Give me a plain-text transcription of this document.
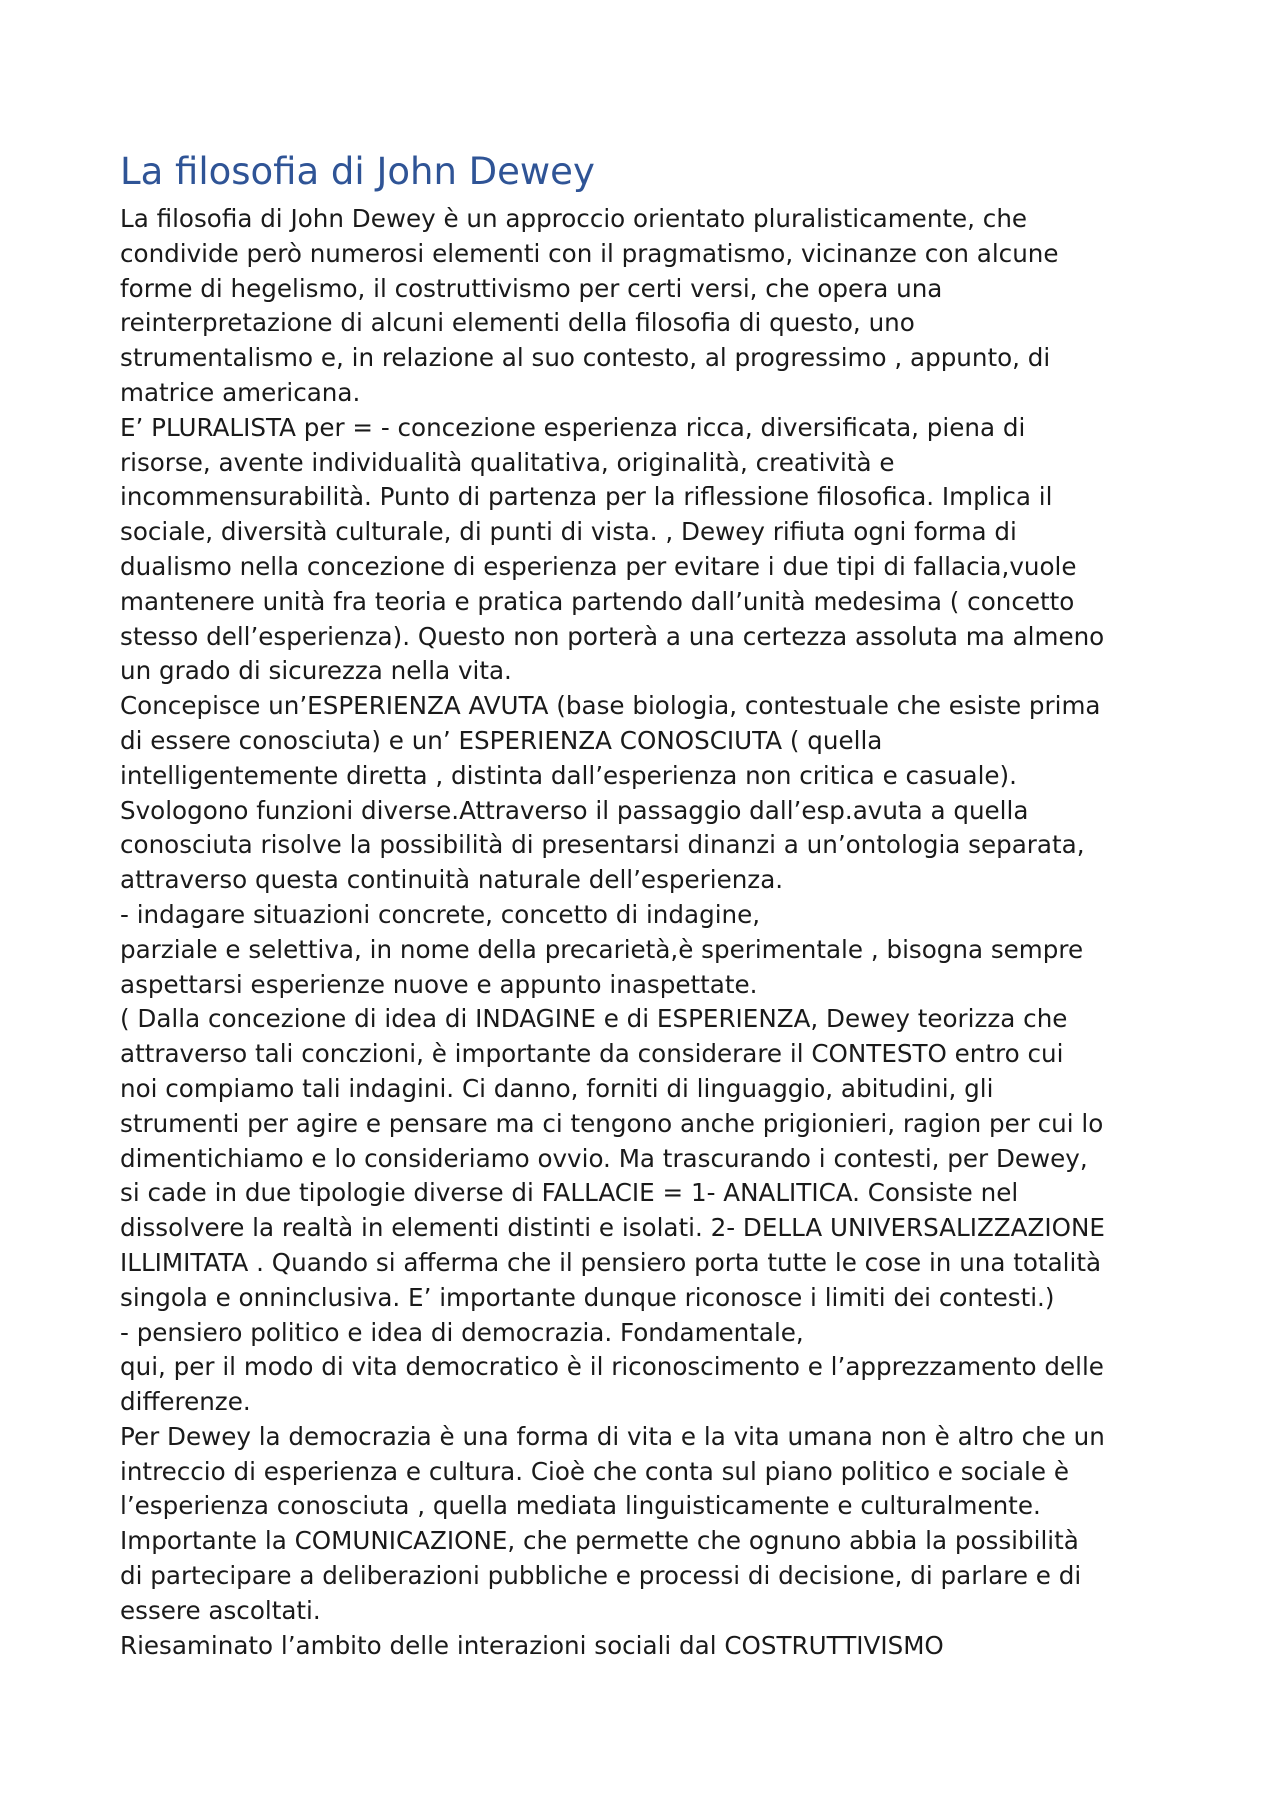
La filosofia di John Dewey

La filosofia di John Dewey è un approccio orientato pluralisticamente, che
condivide però numerosi elementi con il pragmatismo, vicinanze con alcune
forme di hegelismo, il costruttivismo per certi versi, che opera una
reinterpretazione di alcuni elementi della filosofia di questo, uno
strumentalismo e, in relazione al suo contesto, al progressimo , appunto, di
matrice americana.

E’ PLURALISTA per = - concezione esperienza ricca, diversificata, piena di
risorse, avente individualità qualitativa, originalità, creatività e
incommensurabilità. Punto di partenza per la riflessione filosofica. Implica il
sociale, diversità culturale, di punti di vista. , Dewey rifiuta ogni forma di
dualismo nella concezione di esperienza per evitare i due tipi di fallacia,vuole
mantenere unità fra teoria e pratica partendo dall’unità medesima ( concetto
stesso dell’esperienza). Questo non porterà a una certezza assoluta ma almeno
un grado di sicurezza nella vita.

Concepisce un’ESPERIENZA AVUTA (base biologia, contestuale che esiste prima
di essere conosciuta) e un’ ESPERIENZA CONOSCIUTA ( quella
intelligentemente diretta , distinta dall’esperienza non critica e casuale).
Svologono funzioni diverse.Attraverso il passaggio dall’esp.avuta a quella
conosciuta risolve la possibilità di presentarsi dinanzi a un’ontologia separata,
attraverso questa continuità naturale dell’esperienza.

- indagare situazioni concrete, concetto di indagine,
parziale e selettiva, in nome della precarietà,è sperimentale , bisogna sempre
aspettarsi esperienze nuove e appunto inaspettate.

( Dalla concezione di idea di INDAGINE e di ESPERIENZA, Dewey teorizza che
attraverso tali conczioni, è importante da considerare il CONTESTO entro cui
noi compiamo tali indagini. Ci danno, forniti di linguaggio, abitudini, gli
strumenti per agire e pensare ma ci tengono anche prigionieri, ragion per cui lo
dimentichiamo e lo consideriamo ovvio. Ma trascurando i contesti, per Dewey,
si cade in due tipologie diverse di FALLACIE = 1- ANALITICA. Consiste nel
dissolvere la realtà in elementi distinti e isolati. 2- DELLA UNIVERSALIZZAZIONE
ILLIMITATA . Quando si afferma che il pensiero porta tutte le cose in una totalità
singola e onninclusiva. E’ importante dunque riconosce i limiti dei contesti.)

- pensiero politico e idea di democrazia. Fondamentale,
qui, per il modo di vita democratico è il riconoscimento e l’apprezzamento delle
differenze.

Per Dewey la democrazia è una forma di vita e la vita umana non è altro che un
intreccio di esperienza e cultura. Cioè che conta sul piano politico e sociale è
l’esperienza conosciuta , quella mediata linguisticamente e culturalmente.

Importante la COMUNICAZIONE, che permette che ognuno abbia la possibilità
di partecipare a deliberazioni pubbliche e processi di decisione, di parlare e di
essere ascoltati.

Riesaminato l’ambito delle interazioni sociali dal COSTRUTTIVISMO
